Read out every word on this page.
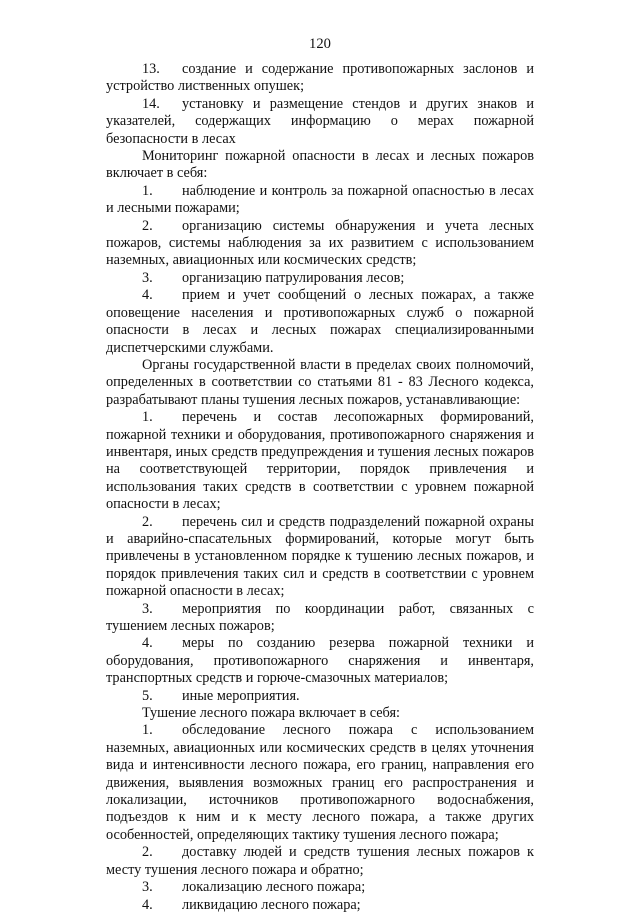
120

13. создание и содержание противопожарных заслонов и устройство лиственных опушек;

14. установку и размещение стендов и других знаков и указателей, содержащих информацию о мерах пожарной безопасности в лесах

Мониторинг пожарной опасности в лесах и лесных пожаров включает в себя:

1. наблюдение и контроль за пожарной опасностью в лесах и лесными пожарами;

2. организацию системы обнаружения и учета лесных пожаров, системы наблюдения за их развитием с использованием наземных, авиационных или космических средств;

3. организацию патрулирования лесов;

4. прием и учет сообщений о лесных пожарах, а также оповещение населения и противопожарных служб о пожарной опасности в лесах и лесных пожарах специализированными диспетчерскими службами.

Органы государственной власти в пределах своих полномочий, определенных в соответствии со статьями 81 - 83 Лесного кодекса, разрабатывают планы тушения лесных пожаров, устанавливающие:

1. перечень и состав лесопожарных формирований, пожарной техники и оборудования, противопожарного снаряжения и инвентаря, иных средств предупреждения и тушения лесных пожаров на соответствующей территории, порядок привлечения и использования таких средств в соответствии с уровнем пожарной опасности в лесах;

2. перечень сил и средств подразделений пожарной охраны и аварийно-спасательных формирований, которые могут быть привлечены в установленном порядке к тушению лесных пожаров, и порядок привлечения таких сил и средств в соответствии с уровнем пожарной опасности в лесах;

3. мероприятия по координации работ, связанных с тушением лесных пожаров;

4. меры по созданию резерва пожарной техники и оборудования, противопожарного снаряжения и инвентаря, транспортных средств и горюче-смазочных материалов;

5. иные мероприятия.

Тушение лесного пожара включает в себя:

1. обследование лесного пожара с использованием наземных, авиационных или космических средств в целях уточнения вида и интенсивности лесного пожара, его границ, направления его движения, выявления возможных границ его распространения и локализации, источников противопожарного водоснабжения, подъездов к ним и к месту лесного пожара, а также других особенностей, определяющих тактику тушения лесного пожара;

2. доставку людей и средств тушения лесных пожаров к месту тушения лесного пожара и обратно;

3. локализацию лесного пожара;

4. ликвидацию лесного пожара;
